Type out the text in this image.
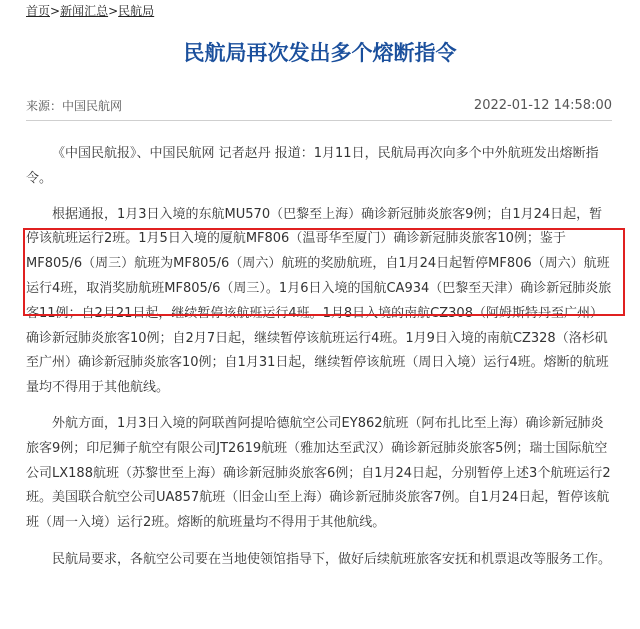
首页>新闻汇总>民航局
民航局再次发出多个熔断指令
来源：中国民航网	2022-01-12 14:58:00

《中国民航报》、中国民航网 记者赵丹 报道：1月11日，民航局再次向多个中外航班发出熔断指令。

根据通报，1月3日入境的东航MU570（巴黎至上海）确诊新冠肺炎旅客9例；自1月24日起，暂停该航班运行2班。1月5日入境的厦航MF806（温哥华至厦门）确诊新冠肺炎旅客10例；鉴于MF805/6（周三）航班为MF805/6（周六）航班的奖励航班，自1月24日起暂停MF806（周六）航班运行4班，取消奖励航班MF805/6（周三）。1月6日入境的国航CA934（巴黎至天津）确诊新冠肺炎旅客11例；自2月21日起，继续暂停该航班运行4班。1月8日入境的南航CZ308（阿姆斯特丹至广州）确诊新冠肺炎旅客10例；自2月7日起，继续暂停该航班运行4班。1月9日入境的南航CZ328（洛杉矶至广州）确诊新冠肺炎旅客10例；自1月31日起，继续暂停该航班（周日入境）运行4班。熔断的航班量均不得用于其他航线。

外航方面，1月3日入境的阿联酋阿提哈德航空公司EY862航班（阿布扎比至上海）确诊新冠肺炎旅客9例；印尼狮子航空有限公司JT2619航班（雅加达至武汉）确诊新冠肺炎旅客5例；瑞士国际航空公司LX188航班（苏黎世至上海）确诊新冠肺炎旅客6例；自1月24日起，分别暂停上述3个航班运行2班。美国联合航空公司UA857航班（旧金山至上海）确诊新冠肺炎旅客7例。自1月24日起，暂停该航班（周一入境）运行2班。熔断的航班量均不得用于其他航线。

民航局要求，各航空公司要在当地使领馆指导下，做好后续航班旅客安抚和机票退改等服务工作。
